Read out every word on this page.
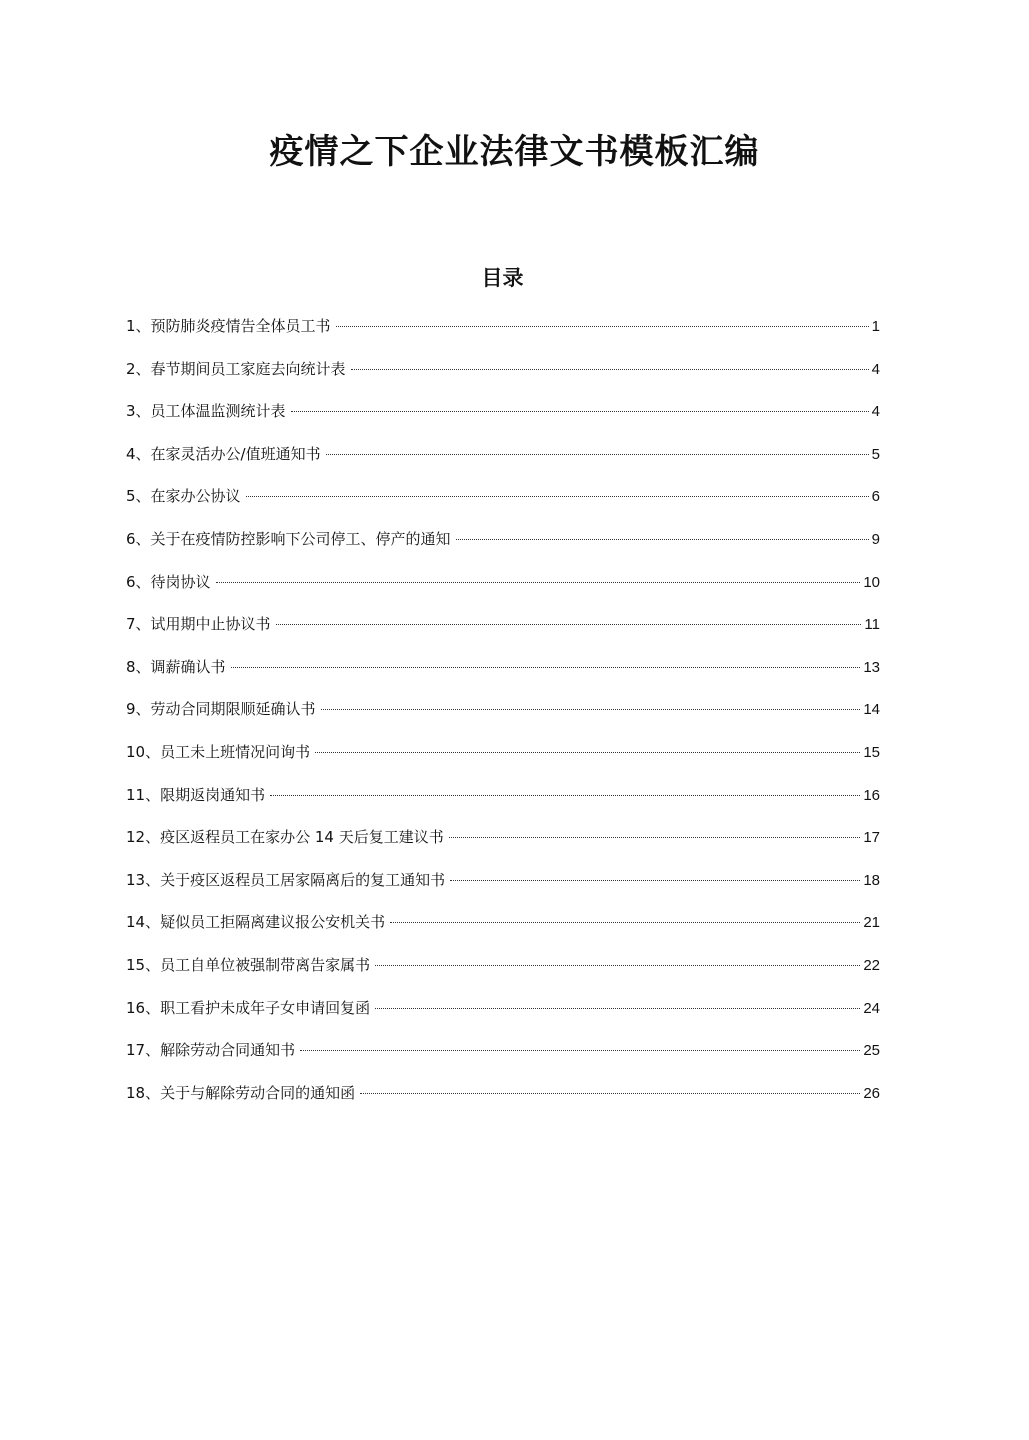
疫情之下企业法律文书模板汇编
目录
1、 预防肺炎疫情告全体员工书	1
2、 春节期间员工家庭去向统计表	4
3、 员工体温监测统计表	4
4、 在家灵活办公/值班通知书	5
5、 在家办公协议	6
6、 关于在疫情防控影响下公司停工、停产的通知	9
6、 待岗协议	10
7、 试用期中止协议书	11
8、 调薪确认书	13
9、 劳动合同期限顺延确认书	14
10、 员工未上班情况问询书	15
11、 限期返岗通知书	16
12、 疫区返程员工在家办公 14 天后复工建议书	17
13、 关于疫区返程员工居家隔离后的复工通知书	18
14、 疑似员工拒隔离建议报公安机关书	21
15、 员工自单位被强制带离告家属书	22
16、 职工看护未成年子女申请回复函	24
17、 解除劳动合同通知书	25
18、 关于与解除劳动合同的通知函	26
